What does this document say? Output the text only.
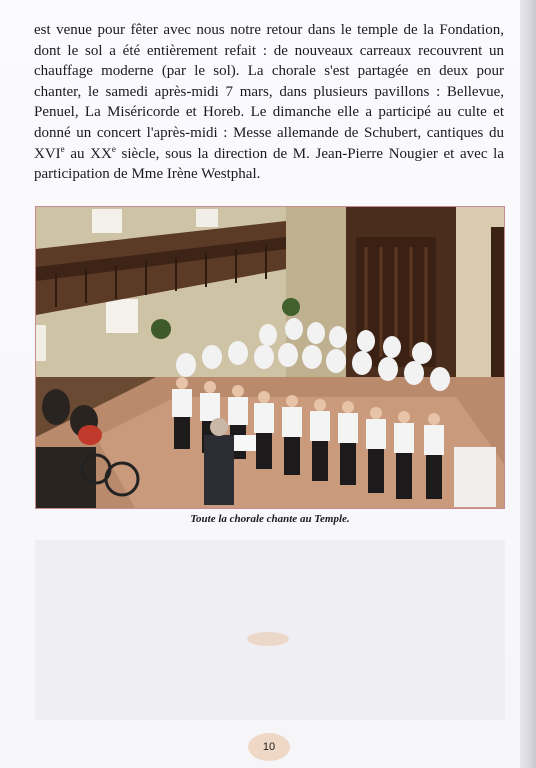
est venue pour fêter avec nous notre retour dans le temple de la Fondation, dont le sol a été entièrement refait : de nouveaux carreaux recouvrent un chauffage moderne (par le sol). La chorale s'est partagée en deux pour chanter, le samedi après-midi 7 mars, dans plusieurs pavillons : Bellevue, Penuel, La Miséricorde et Horeb. Le dimanche elle a participé au culte et donné un concert l'après-midi : Messe allemande de Schubert, cantiques du XVIe au XXe siècle, sous la direction de M. Jean-Pierre Nougier et avec la participation de Mme Irène Westphal.

Toute la chorale chante au Temple.
10
